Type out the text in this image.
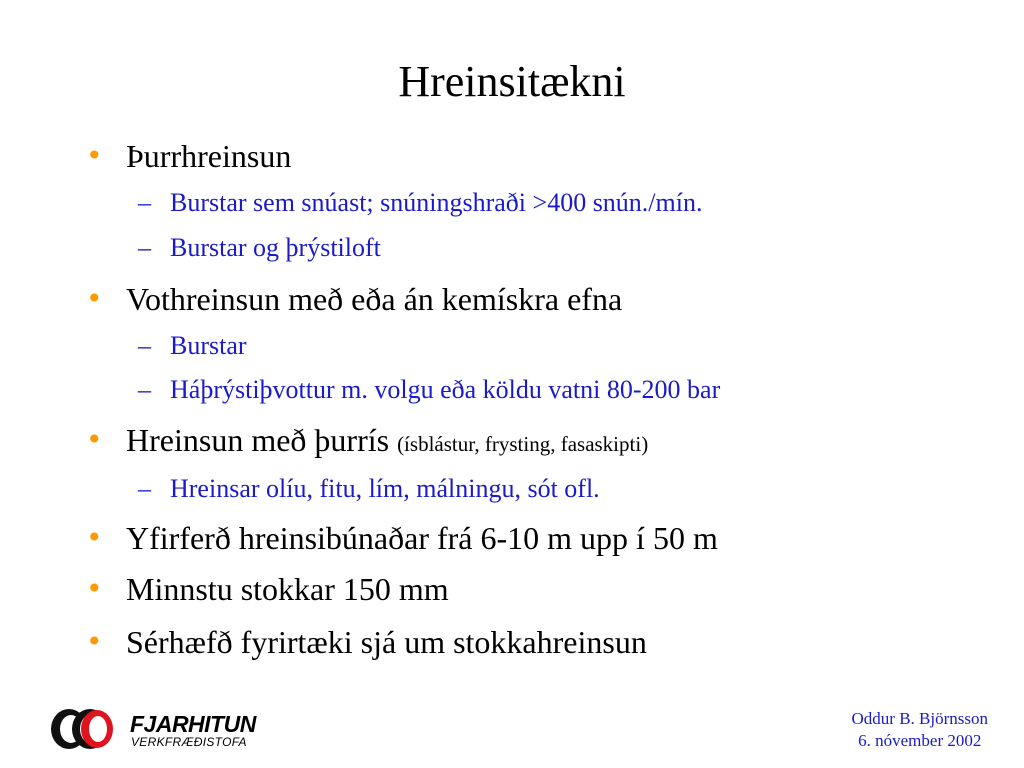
Hreinsitækni
• Þurrhreinsun
– Burstar sem snúast; snúningshraði >400 snún./mín.
– Burstar og þrýstiloft
• Vothreinsun með eða án kemískra efna
– Burstar
– Háþrýstiþvottur m. volgu eða köldu vatni 80-200 bar
• Hreinsun með þurrís (ísblástur, frysting, fasaskipti)
– Hreinsar olíu, fitu, lím, málningu, sót ofl.
• Yfirferð hreinsibúnaðar frá 6-10 m upp í 50 m
• Minnstu stokkar 150 mm
• Sérhæfð fyrirtæki sjá um stokkahreinsun
FJARHITUN
VERKFRÆÐISTOFA
Oddur B. Björnsson
6. nóvember 2002
